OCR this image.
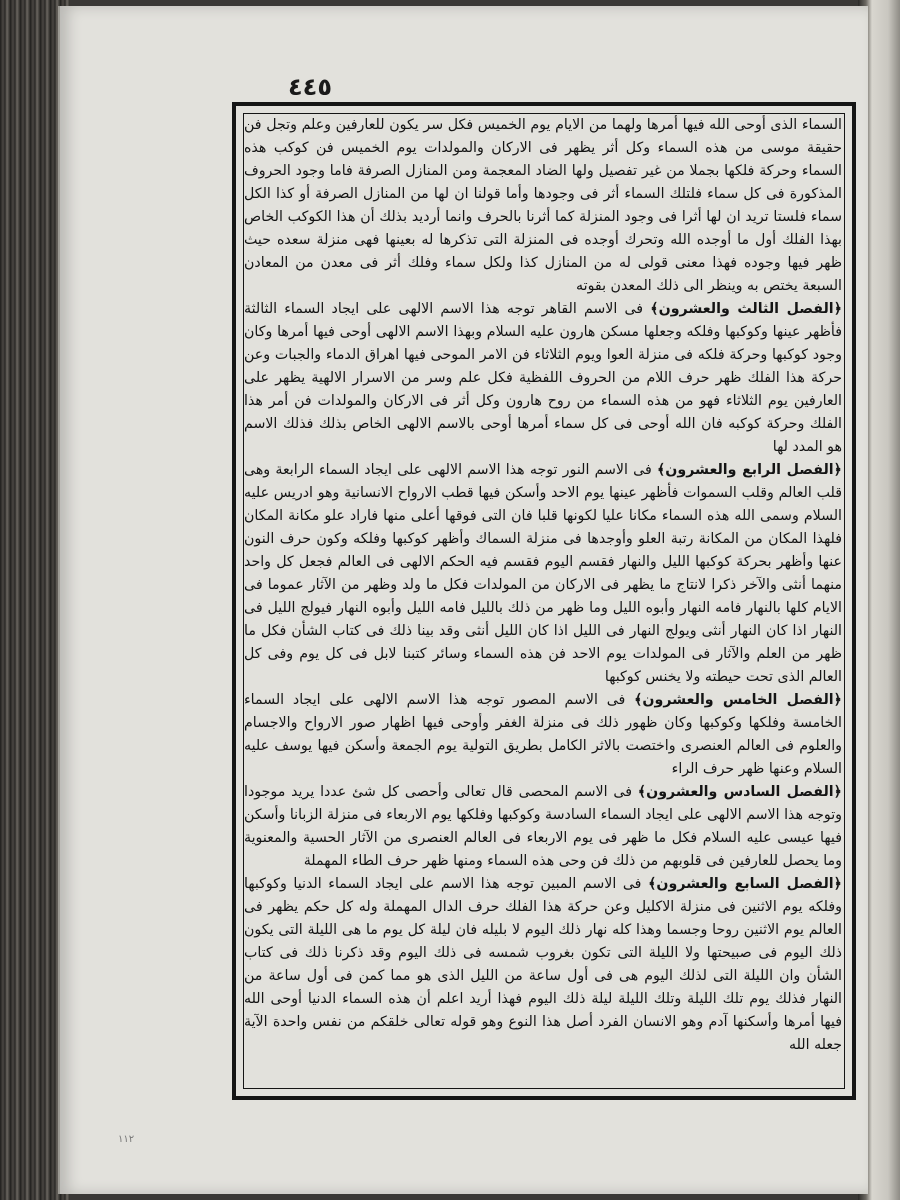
٤٤٥

السماء الذى أوحى الله فيها أمرها ولهما من الايام يوم الخميس فكل سر يكون للعارفين وعلم وتجل فن حقيقة موسى من هذه السماء وكل أثر يظهر فى الاركان والمولدات يوم الخميس فن كوكب هذه السماء وحركة فلكها بجملا من غير تفصيل ولها الضاد المعجمة ومن المنازل الصرفة فاما وجود الحروف المذكورة فى كل سماء فلتلك السماء أثر فى وجودها وأما قولنا ان لها من المنازل الصرفة أو كذا الكل سماء فلستا تريد ان لها أثرا فى وجود المنزلة كما أثرنا بالحرف وانما أرديد بذلك أن هذا الكوكب الخاص بهذا الفلك أول ما أوجده الله وتحرك أوجده فى المنزلة التى تذكرها له بعينها فهى منزلة سعده حيث ظهر فيها وجوده فهذا معنى قولى له من المنازل كذا ولكل سماء وفلك أثر فى معدن من المعادن السبعة يختص به وينظر الى ذلك المعدن بقوته

﴿الفصل الثالث والعشرون﴾ فى الاسم القاهر توجه هذا الاسم الالهى على ايجاد السماء الثالثة فأظهر عينها وكوكبها وفلكه وجعلها مسكن هارون عليه السلام وبهذا الاسم الالهى أوحى فيها أمرها وكان وجود كوكبها وحركة فلكه فى منزلة العوا ويوم الثلاثاء فن الامر الموحى فيها اهراق الدماء والجبات وعن حركة هذا الفلك ظهر حرف اللام من الحروف اللفظية فكل علم وسر من الاسرار الالهية يظهر على العارفين يوم الثلاثاء فهو من هذه السماء من روح هارون وكل أثر فى الاركان والمولدات فن أمر هذا الفلك وحركة كوكبه فان الله أوحى فى كل سماء أمرها أوحى بالاسم الالهى الخاص بذلك فذلك الاسم هو المدد لها

﴿الفصل الرابع والعشرون﴾ فى الاسم النور توجه هذا الاسم الالهى على ايجاد السماء الرابعة وهى قلب العالم وقلب السموات فأظهر عينها يوم الاحد وأسكن فيها قطب الارواح الانسانية وهو ادريس عليه السلام وسمى الله هذه السماء مكانا عليا لكونها قلبا فان التى فوقها أعلى منها فاراد علو مكانة المكان فلهذا المكان من المكانة رتبة العلو وأوجدها فى منزلة السماك وأظهر كوكبها وفلكه وكون حرف النون عنها وأظهر بحركة كوكبها الليل والنهار فقسم اليوم فقسم فيه الحكم الالهى فى العالم فجعل كل واحد منهما أنثى والآخر ذكرا لانتاج ما يظهر فى الاركان من المولدات فكل ما ولد وظهر من الآثار عموما فى الايام كلها بالنهار فامه النهار وأبوه الليل وما ظهر من ذلك بالليل فامه الليل وأبوه النهار فيولج الليل فى النهار اذا كان النهار أنثى ويولج النهار فى الليل اذا كان الليل أنثى وقد بينا ذلك فى كتاب الشأن فكل ما ظهر من العلم والآثار فى المولدات يوم الاحد فن هذه السماء وسائر كتبنا لابل فى كل يوم وفى كل العالم الذى تحت حيطته ولا يخنس كوكبها

﴿الفصل الخامس والعشرون﴾ فى الاسم المصور توجه هذا الاسم الالهى على ايجاد السماء الخامسة وفلكها وكوكبها وكان ظهور ذلك فى منزلة الغفر وأوحى فيها اظهار صور الارواح والاجسام والعلوم فى العالم العنصرى واختصت بالاثر الكامل بطريق التولية يوم الجمعة وأسكن فيها يوسف عليه السلام وعنها ظهر حرف الراء

﴿الفصل السادس والعشرون﴾ فى الاسم المحصى قال تعالى وأحصى كل شئ عددا يريد موجودا وتوجه هذا الاسم الالهى على ايجاد السماء السادسة وكوكبها وفلكها يوم الاربعاء فى منزلة الزبانا وأسكن فيها عيسى عليه السلام فكل ما ظهر فى يوم الاربعاء فى العالم العنصرى من الآثار الحسية والمعنوية وما يحصل للعارفين فى قلوبهم من ذلك فن وحى هذه السماء ومنها ظهر حرف الطاء المهملة

﴿الفصل السابع والعشرون﴾ فى الاسم المبين توجه هذا الاسم على ايجاد السماء الدنيا وكوكبها وفلكه يوم الاثنين فى منزلة الاكليل وعن حركة هذا الفلك حرف الدال المهملة وله كل حكم يظهر فى العالم يوم الاثنين روحا وجسما وهذا كله نهار ذلك اليوم لا بليله فان ليلة كل يوم ما هى الليلة التى يكون ذلك اليوم فى صبيحتها ولا الليلة التى تكون بغروب شمسه فى ذلك اليوم وقد ذكرنا ذلك فى كتاب الشأن وان الليلة التى لذلك اليوم هى فى أول ساعة من الليل الذى هو مما كمن فى أول ساعة من النهار فذلك يوم تلك الليلة وتلك الليلة ليلة ذلك اليوم فهذا أريد اعلم أن هذه السماء الدنيا أوحى الله فيها أمرها وأسكنها آدم وهو الانسان الفرد أصل هذا النوع وهو قوله تعالى خلقكم من نفس واحدة الآية جعله الله

١١٢
